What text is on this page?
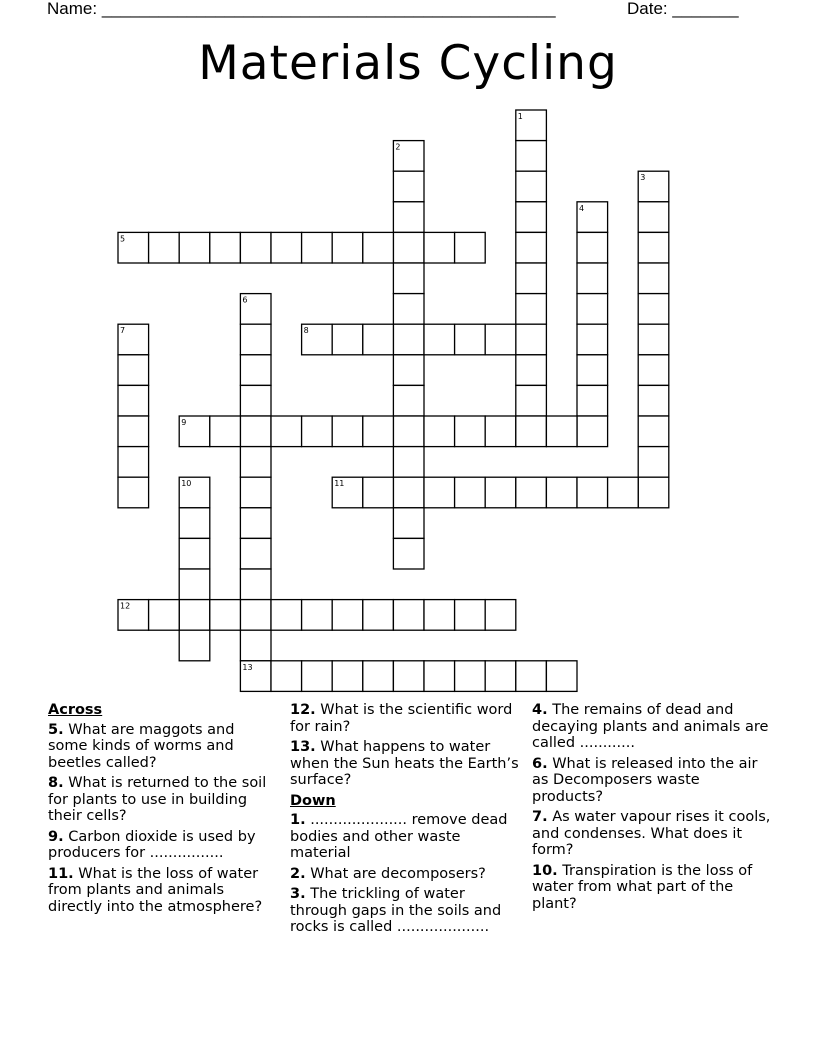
Name: ________________________________________________	Date: _______
Materials Cycling
1
2
3
4
5
6
7	8
9
10	11
12
13
Across
5. What are maggots and some kinds of worms and beetles called?
8. What is returned to the soil for plants to use in building their cells?
9. Carbon dioxide is used by producers for ................
11. What is the loss of water from plants and animals directly into the atmosphere?
12. What is the scientific word for rain?
13. What happens to water when the Sun heats the Earth’s surface?
Down
1. ..................... remove dead bodies and other waste material
2. What are decomposers?
3. The trickling of water through gaps in the soils and rocks is called ....................
4. The remains of dead and decaying plants and animals are called ............
6. What is released into the air as Decomposers waste products?
7. As water vapour rises it cools, and condenses. What does it form?
10. Transpiration is the loss of water from what part of the plant?
